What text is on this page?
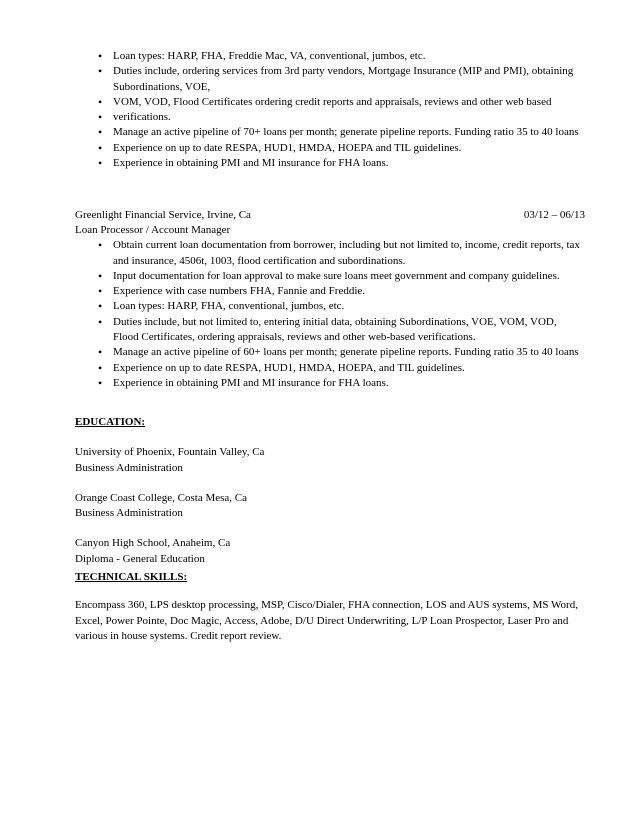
• Loan types: HARP, FHA, Freddie Mac, VA, conventional, jumbos, etc.
• Duties include, ordering services from 3rd party vendors, Mortgage Insurance (MIP and PMI), obtaining Subordinations, VOE,
• VOM, VOD, Flood Certificates ordering credit reports and appraisals, reviews and other web based
• verifications.
• Manage an active pipeline of 70+ loans per month; generate pipeline reports. Funding ratio 35 to 40 loans
• Experience on up to date RESPA, HUD1, HMDA, HOEPA and TIL guidelines.
• Experience in obtaining PMI and MI insurance for FHA loans.
Greenlight Financial Service, Irvine, Ca	03/12 – 06/13
Loan Processor / Account Manager
• Obtain current loan documentation from borrower, including but not limited to, income, credit reports, tax and insurance, 4506t, 1003, flood certification and subordinations.
• Input documentation for loan approval to make sure loans meet government and company guidelines.
• Experience with case numbers FHA, Fannie and Freddie.
• Loan types: HARP, FHA, conventional, jumbos, etc.
• Duties include, but not limited to, entering initial data, obtaining Subordinations, VOE, VOM, VOD, Flood Certificates, ordering appraisals, reviews and other web-based verifications.
• Manage an active pipeline of 60+ loans per month; generate pipeline reports. Funding ratio 35 to 40 loans
• Experience on up to date RESPA, HUD1, HMDA, HOEPA, and TIL guidelines.
• Experience in obtaining PMI and MI insurance for FHA loans.
EDUCATION:
University of Phoenix, Fountain Valley, Ca
Business Administration
Orange Coast College, Costa Mesa, Ca
Business Administration
Canyon High School, Anaheim, Ca
Diploma - General Education
TECHNICAL SKILLS:

Encompass 360, LPS desktop processing, MSP, Cisco/Dialer, FHA connection, LOS and AUS systems, MS Word, Excel, Power Pointe, Doc Magic, Access, Adobe, D/U Direct Underwriting, L/P Loan Prospector, Laser Pro and various in house systems. Credit report review.
